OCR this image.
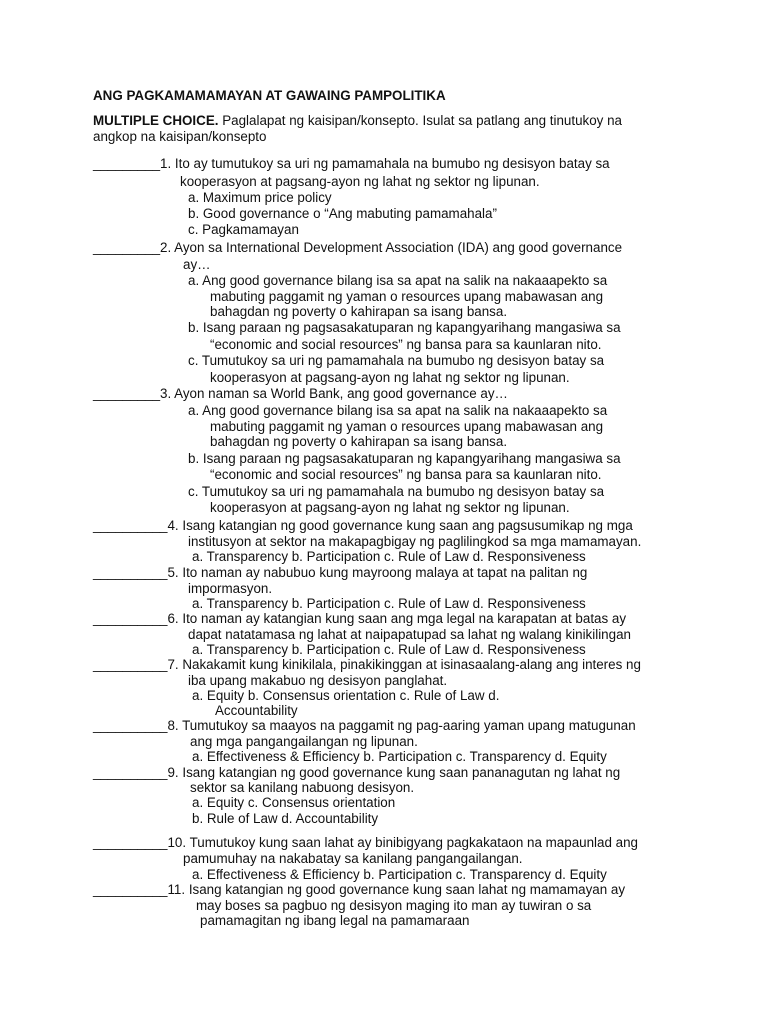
ANG PAGKAMAMAMAYAN AT GAWAING PAMPOLITIKA
MULTIPLE CHOICE. Paglalapat ng kaisipan/konsepto. Isulat sa patlang ang tinutukoy na
angkop na kaisipan/konsepto
_________1. Ito ay tumutukoy sa uri ng pamamahala na bumubo ng desisyon batay sa
kooperasyon at pagsang-ayon ng lahat ng sektor ng lipunan.
a. Maximum price policy
b. Good governance o “Ang mabuting pamamahala”
c. Pagkamamayan
_________2. Ayon sa International Development Association (IDA) ang good governance
ay…
a. Ang good governance bilang isa sa apat na salik na nakaaapekto sa
mabuting paggamit ng yaman o resources upang mabawasan ang
bahagdan ng poverty o kahirapan sa isang bansa.
b. Isang paraan ng pagsasakatuparan ng kapangyarihang mangasiwa sa
“economic and social resources” ng bansa para sa kaunlaran nito.
c. Tumutukoy sa uri ng pamamahala na bumubo ng desisyon batay sa
kooperasyon at pagsang-ayon ng lahat ng sektor ng lipunan.
_________3. Ayon naman sa World Bank, ang good governance ay…
a. Ang good governance bilang isa sa apat na salik na nakaaapekto sa
mabuting paggamit ng yaman o resources upang mabawasan ang
bahagdan ng poverty o kahirapan sa isang bansa.
b. Isang paraan ng pagsasakatuparan ng kapangyarihang mangasiwa sa
“economic and social resources” ng bansa para sa kaunlaran nito.
c. Tumutukoy sa uri ng pamamahala na bumubo ng desisyon batay sa
kooperasyon at pagsang-ayon ng lahat ng sektor ng lipunan.
__________4. Isang katangian ng good governance kung saan ang pagsusumikap ng mga
institusyon at sektor na makapagbigay ng paglilingkod sa mga mamamayan.
a. Transparency b. Participation c. Rule of Law d. Responsiveness
__________5. Ito naman ay nabubuo kung mayroong malaya at tapat na palitan ng
impormasyon.
a. Transparency b. Participation c. Rule of Law d. Responsiveness
__________6. Ito naman ay katangian kung saan ang mga legal na karapatan at batas ay
dapat natatamasa ng lahat at naipapatupad sa lahat ng walang kinikilingan
a. Transparency b. Participation c. Rule of Law d. Responsiveness
__________7. Nakakamit kung kinikilala, pinakikinggan at isinasaalang-alang ang interes ng
iba upang makabuo ng desisyon panglahat.
a. Equity b. Consensus orientation c. Rule of Law d.
Accountability
__________8. Tumutukoy sa maayos na paggamit ng pag-aaring yaman upang matugunan
ang mga pangangailangan ng lipunan.
a. Effectiveness & Efficiency b. Participation c. Transparency d. Equity
__________9. Isang katangian ng good governance kung saan pananagutan ng lahat ng
sektor sa kanilang nabuong desisyon.
a. Equity c. Consensus orientation
b. Rule of Law d. Accountability
__________10. Tumutukoy kung saan lahat ay binibigyang pagkakataon na mapaunlad ang
pamumuhay na nakabatay sa kanilang pangangailangan.
a. Effectiveness & Efficiency b. Participation c. Transparency d. Equity
__________11. Isang katangian ng good governance kung saan lahat ng mamamayan ay
may boses sa pagbuo ng desisyon maging ito man ay tuwiran o sa
pamamagitan ng ibang legal na pamamaraan
